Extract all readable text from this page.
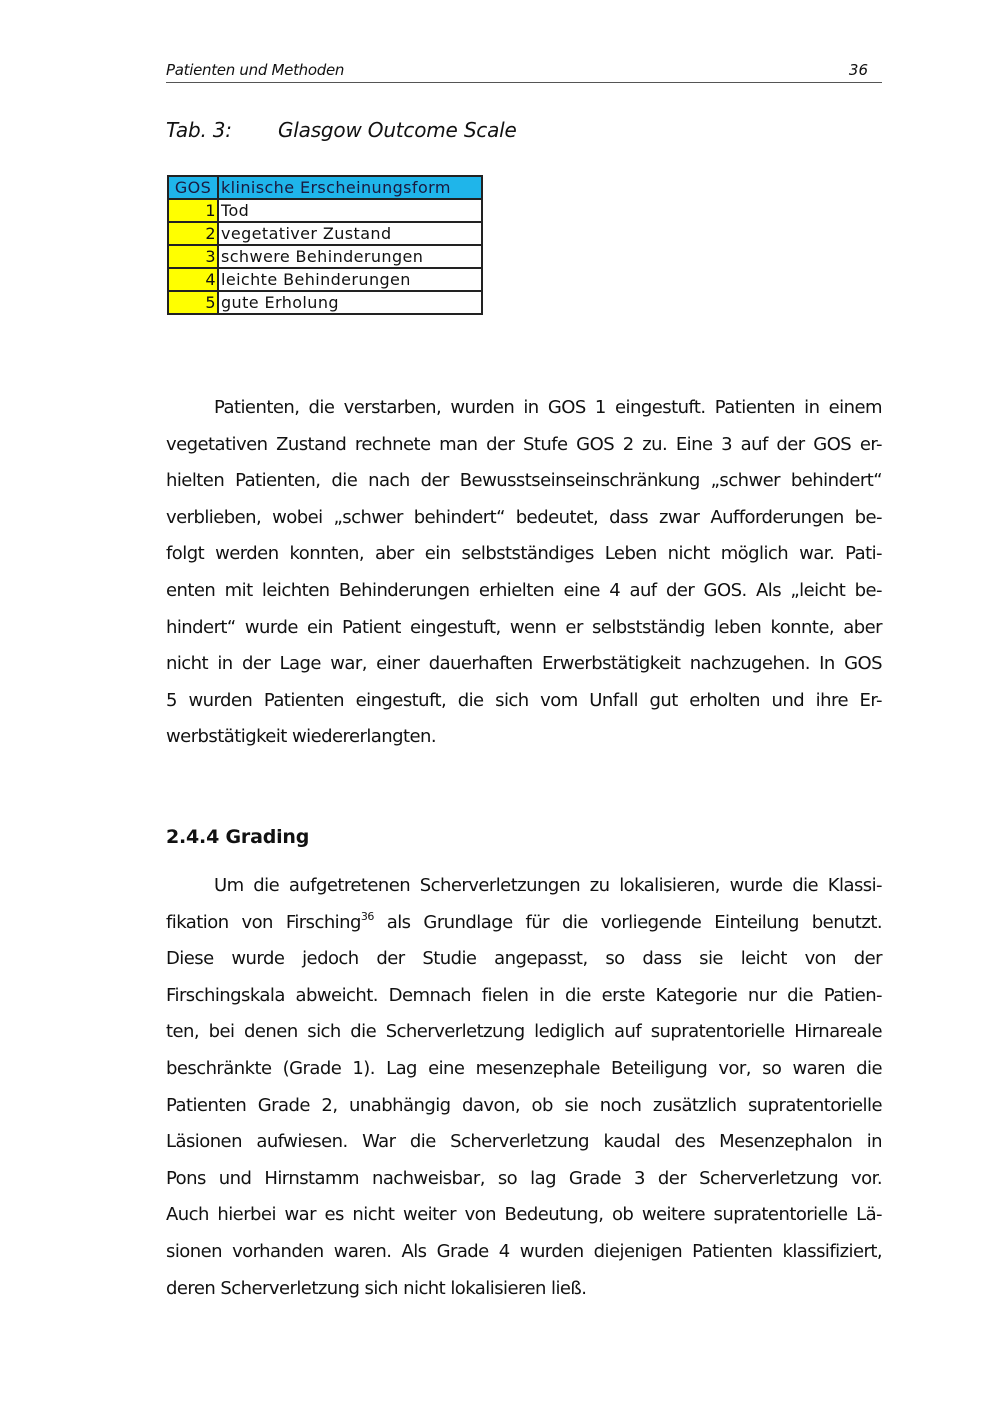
Patienten und Methoden	36
Tab. 3: Glasgow Outcome Scale
GOS	klinische Erscheinungsform
1	Tod
2	vegetativer Zustand
3	schwere Behinderungen
4	leichte Behinderungen
5	gute Erholung
Patienten, die verstarben, wurden in GOS 1 eingestuft. Patienten in einem
vegetativen Zustand rechnete man der Stufe GOS 2 zu. Eine 3 auf der GOS er-
hielten Patienten, die nach der Bewusstseinseinschränkung „schwer behindert“
verblieben, wobei „schwer behindert“ bedeutet, dass zwar Aufforderungen be-
folgt werden konnten, aber ein selbstständiges Leben nicht möglich war. Pati-
enten mit leichten Behinderungen erhielten eine 4 auf der GOS. Als „leicht be-
hindert“ wurde ein Patient eingestuft, wenn er selbstständig leben konnte, aber
nicht in der Lage war, einer dauerhaften Erwerbstätigkeit nachzugehen. In GOS
5 wurden Patienten eingestuft, die sich vom Unfall gut erholten und ihre Er-
werbstätigkeit wiedererlangten.
2.4.4 Grading
Um die aufgetretenen Scherverletzungen zu lokalisieren, wurde die Klassi-
fikation von Firsching$^{36}$ als Grundlage für die vorliegende Einteilung benutzt.
Diese wurde jedoch der Studie angepasst, so dass sie leicht von der
Firschingskala abweicht. Demnach fielen in die erste Kategorie nur die Patien-
ten, bei denen sich die Scherverletzung lediglich auf supratentorielle Hirnareale
beschränkte (Grade 1). Lag eine mesenzephale Beteiligung vor, so waren die
Patienten Grade 2, unabhängig davon, ob sie noch zusätzlich supratentorielle
Läsionen aufwiesen. War die Scherverletzung kaudal des Mesenzephalon in
Pons und Hirnstamm nachweisbar, so lag Grade 3 der Scherverletzung vor.
Auch hierbei war es nicht weiter von Bedeutung, ob weitere supratentorielle Lä-
sionen vorhanden waren. Als Grade 4 wurden diejenigen Patienten klassifiziert,
deren Scherverletzung sich nicht lokalisieren ließ.
